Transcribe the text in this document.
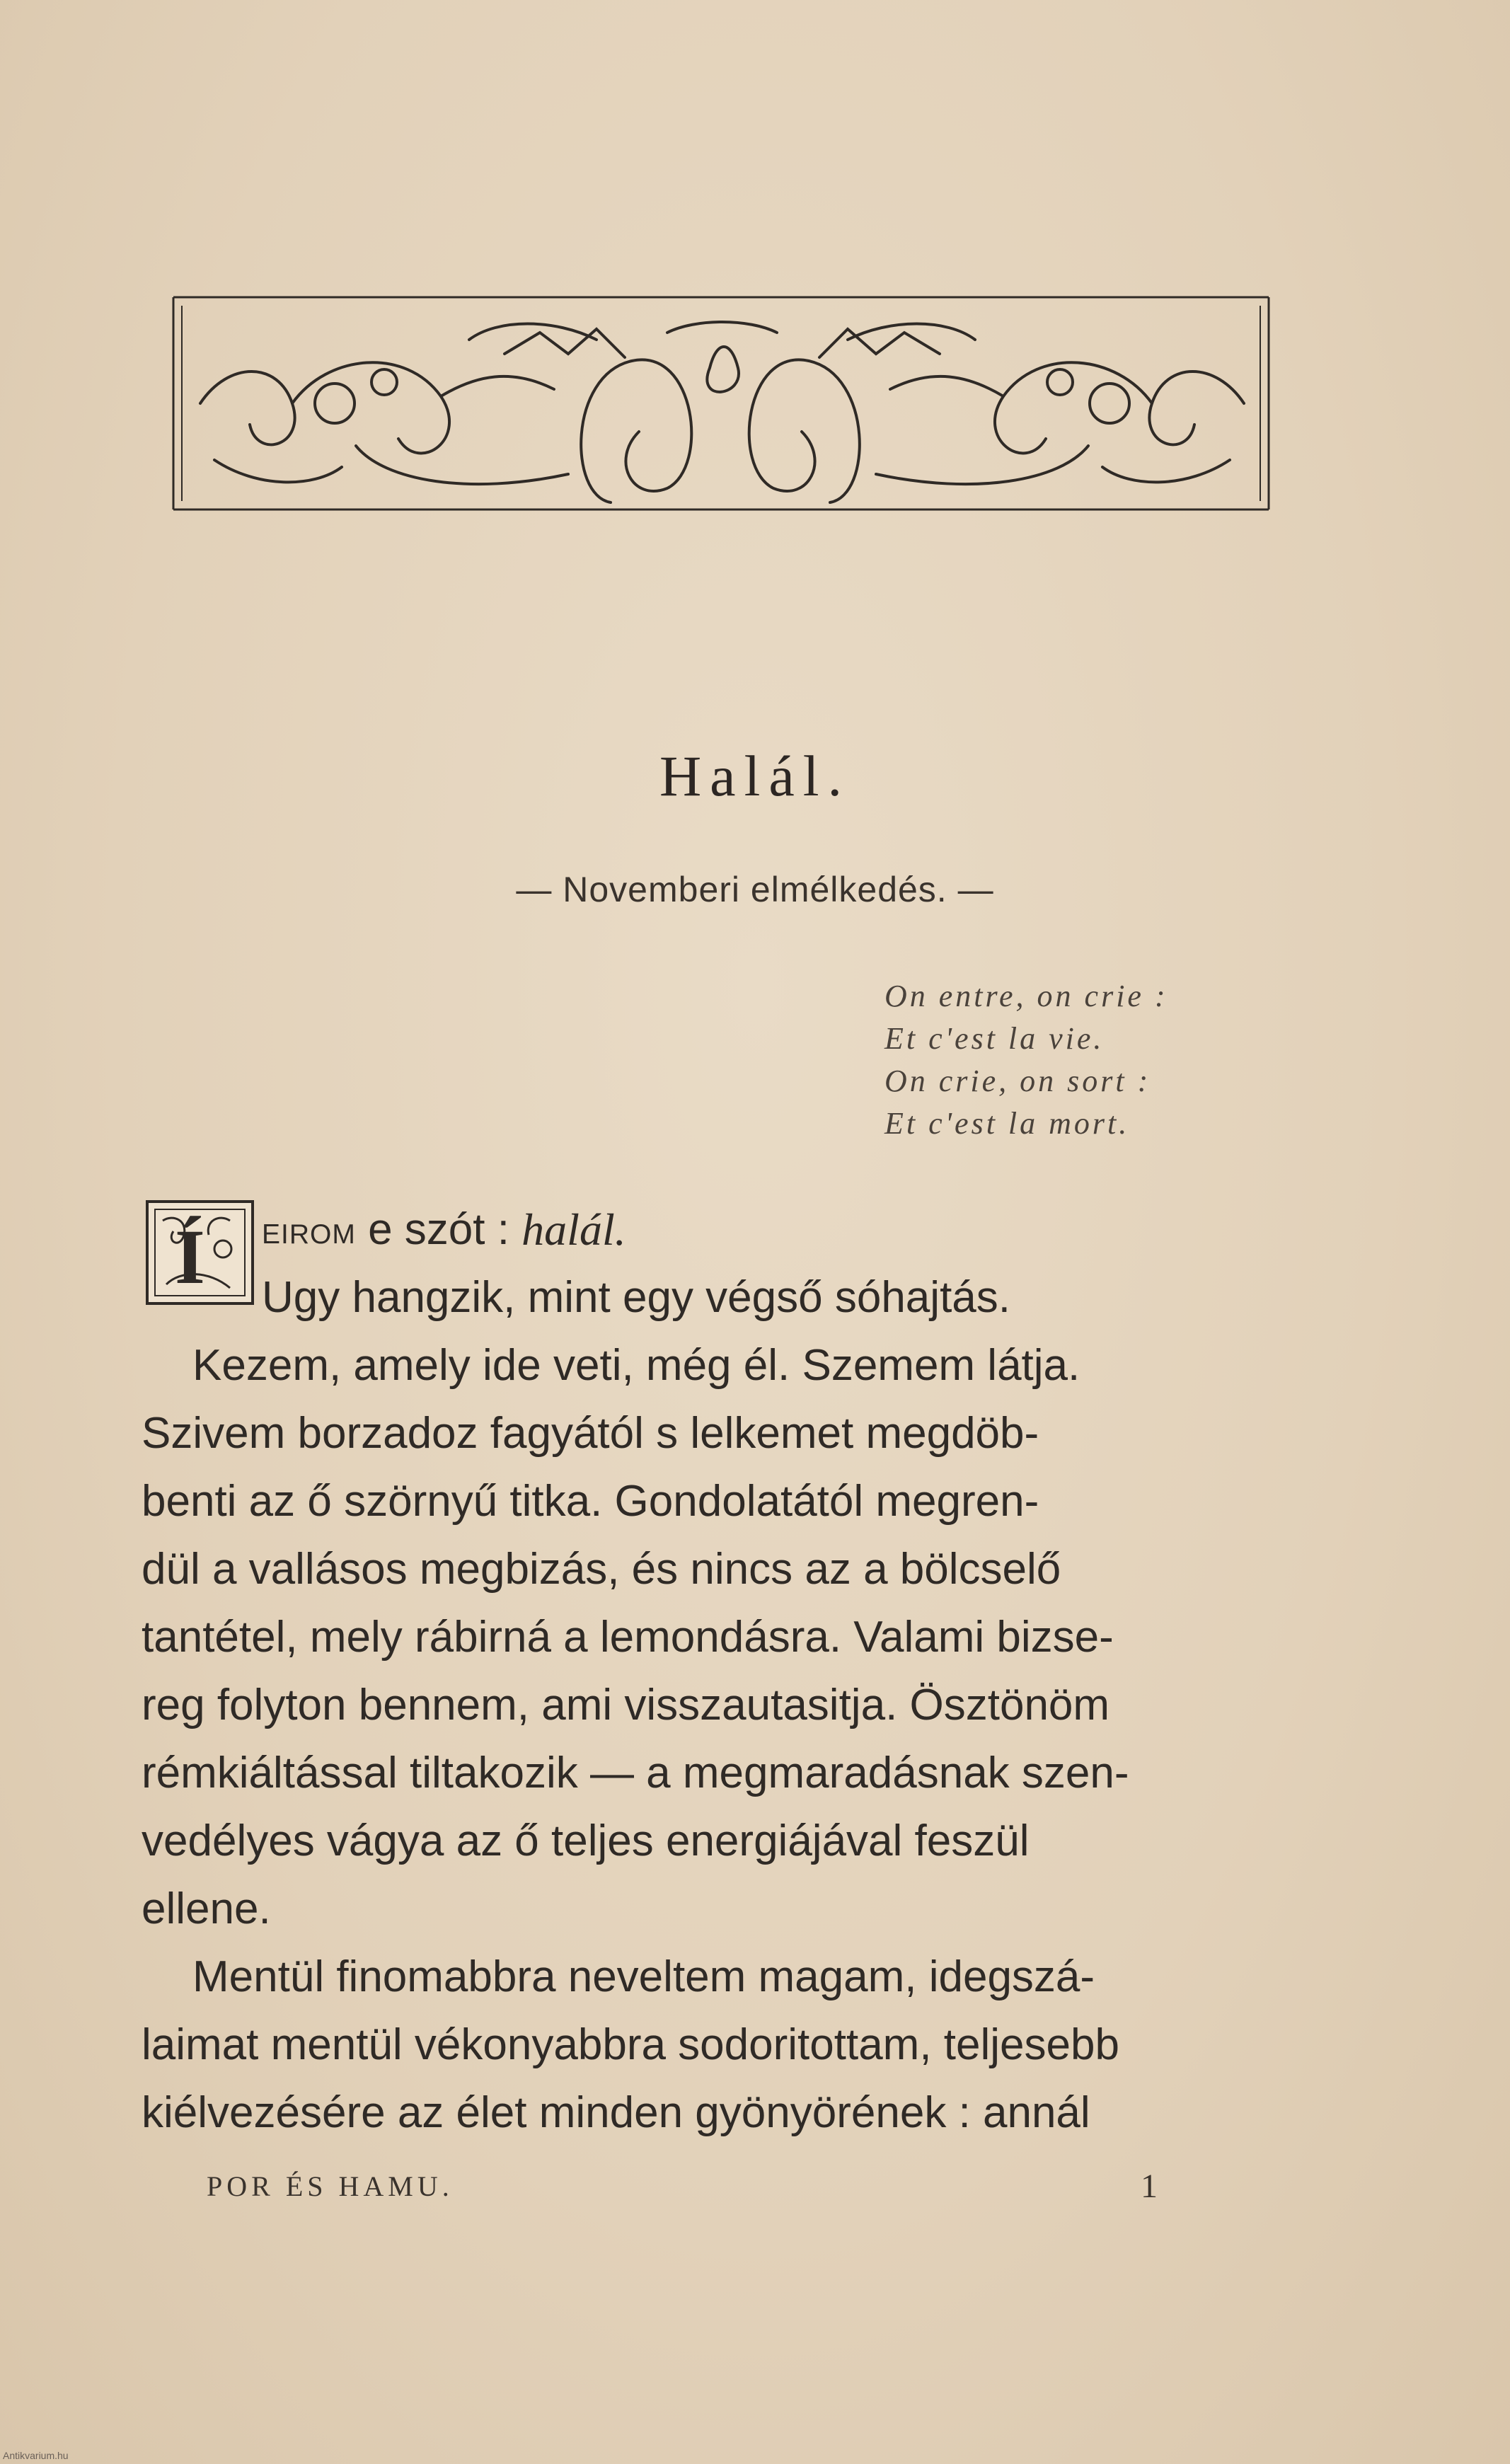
Halál.
— Novemberi elmélkedés. —
On entre, on crie :
Et c'est la vie.
On crie, on sort :
Et c'est la mort.
Í eirom e szót : halál.
Ugy hangzik, mint egy végső sóhajtás.
Kezem, amely ide veti, még él. Szemem látja.
Szivem borzadoz fagyától s lelkemet megdöb-
benti az ő szörnyű titka. Gondolatától megren-
dül a vallásos megbizás, és nincs az a bölcselő
tantétel, mely rábirná a lemondásra. Valami bizse-
reg folyton bennem, ami visszautasitja. Ösztönöm
rémkiáltással tiltakozik — a megmaradásnak szen-
vedélyes vágya az ő teljes energiájával feszül
ellene.
Mentül finomabbra neveltem magam, idegszá-
laimat mentül vékonyabbra sodoritottam, teljesebb
kiélvezésére az élet minden gyönyörének : annál
POR ÉS HAMU.	1
Antikvarium.hu
